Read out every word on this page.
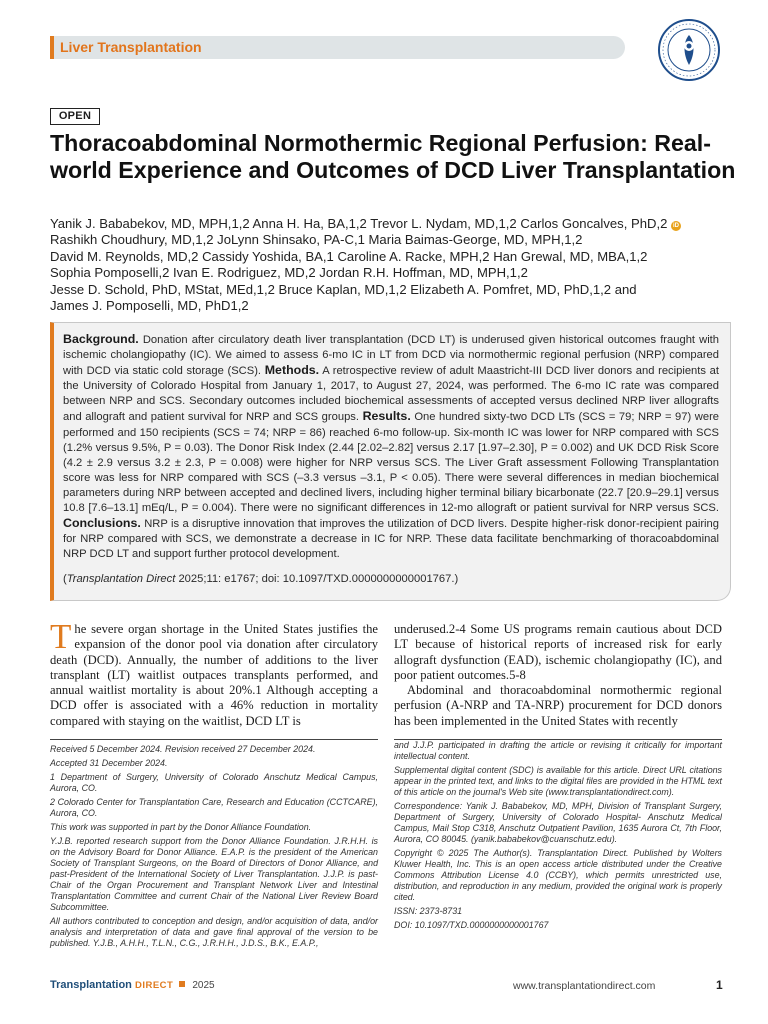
Liver Transplantation
OPEN
Thoracoabdominal Normothermic Regional Perfusion: Real-world Experience and Outcomes of DCD Liver Transplantation
Yanik J. Bababekov, MD, MPH,1,2 Anna H. Ha, BA,1,2 Trevor L. Nydam, MD,1,2 Carlos Goncalves, PhD,2 iD
Rashikh Choudhury, MD,1,2 JoLynn Shinsako, PA-C,1 Maria Baimas-George, MD, MPH,1,2
David M. Reynolds, MD,2 Cassidy Yoshida, BA,1 Caroline A. Racke, MPH,2 Han Grewal, MD, MBA,1,2
Sophia Pomposelli,2 Ivan E. Rodriguez, MD,2 Jordan R.H. Hoffman, MD, MPH,1,2
Jesse D. Schold, PhD, MStat, MEd,1,2 Bruce Kaplan, MD,1,2 Elizabeth A. Pomfret, MD, PhD,1,2 and
James J. Pomposelli, MD, PhD1,2

Background. Donation after circulatory death liver transplantation (DCD LT) is underused given historical outcomes fraught with ischemic cholangiopathy (IC). We aimed to assess 6-mo IC in LT from DCD via normothermic regional perfusion (NRP) compared with DCD via static cold storage (SCS). Methods. A retrospective review of adult Maastricht-III DCD liver donors and recipients at the University of Colorado Hospital from January 1, 2017, to August 27, 2024, was performed. The 6-mo IC rate was compared between NRP and SCS. Secondary outcomes included biochemical assessments of accepted versus declined NRP liver allografts and allograft and patient survival for NRP and SCS groups. Results. One hundred sixty-two DCD LTs (SCS = 79; NRP = 97) were performed and 150 recipients (SCS = 74; NRP = 86) reached 6-mo follow-up. Six-month IC was lower for NRP compared with SCS (1.2% versus 9.5%, P = 0.03). The Donor Risk Index (2.44 [2.02–2.82] versus 2.17 [1.97–2.30], P = 0.002) and UK DCD Risk Score (4.2 ± 2.9 versus 3.2 ± 2.3, P = 0.008) were higher for NRP versus SCS. The Liver Graft assessment Following Transplantation score was less for NRP compared with SCS (–3.3 versus –3.1, P < 0.05). There were several differences in median biochemical parameters during NRP between accepted and declined livers, including higher terminal biliary bicarbonate (22.7 [20.9–29.1] versus 10.8 [7.6–13.1] mEq/L, P = 0.004). There were no significant differences in 12-mo allograft or patient survival for NRP versus SCS. Conclusions. NRP is a disruptive innovation that improves the utilization of DCD livers. Despite higher-risk donor-recipient pairing for NRP compared with SCS, we demonstrate a decrease in IC for NRP. These data facilitate benchmarking of thoracoabdominal NRP DCD LT and support further protocol development.

(Transplantation Direct 2025;11: e1767; doi: 10.1097/TXD.0000000000001767.)

The severe organ shortage in the United States justifies the expansion of the donor pool via donation after circulatory death (DCD). Annually, the number of additions to the liver transplant (LT) waitlist outpaces transplants performed, and annual waitlist mortality is about 20%.1 Although accepting a DCD offer is associated with a 46% reduction in mortality compared with staying on the waitlist, DCD LT is

underused.2-4 Some US programs remain cautious about DCD LT because of historical reports of increased risk for early allograft dysfunction (EAD), ischemic cholangiopathy (IC), and poor patient outcomes.5-8

Abdominal and thoracoabdominal normothermic regional perfusion (A-NRP and TA-NRP) procurement for DCD donors has been implemented in the United States with recently

Received 5 December 2024. Revision received 27 December 2024.

Accepted 31 December 2024.

1 Department of Surgery, University of Colorado Anschutz Medical Campus, Aurora, CO.

2 Colorado Center for Transplantation Care, Research and Education (CCTCARE), Aurora, CO.

This work was supported in part by the Donor Alliance Foundation.

Y.J.B. reported research support from the Donor Alliance Foundation. J.R.H.H. is on the Advisory Board for Donor Alliance. E.A.P. is the president of the American Society of Transplant Surgeons, on the Board of Directors of Donor Alliance, and past-President of the International Society of Liver Transplantation. J.J.P. is past-Chair of the Organ Procurement and Transplant Network Liver and Intestinal Transplantation Committee and current Chair of the National Liver Review Board Subcommittee.

All authors contributed to conception and design, and/or acquisition of data, and/or analysis and interpretation of data and gave final approval of the version to be published. Y.J.B., A.H.H., T.L.N., C.G., J.R.H.H., J.D.S., B.K., E.A.P.,

and J.J.P. participated in drafting the article or revising it critically for important intellectual content.

Supplemental digital content (SDC) is available for this article. Direct URL citations appear in the printed text, and links to the digital files are provided in the HTML text of this article on the journal's Web site (www.transplantationdirect.com).

Correspondence: Yanik J. Bababekov, MD, MPH, Division of Transplant Surgery, Department of Surgery, University of Colorado Hospital- Anschutz Medical Campus, Mail Stop C318, Anschutz Outpatient Pavilion, 1635 Aurora Ct, 7th Floor, Aurora, CO 80045. (yanik.bababekov@cuanschutz.edu).

Copyright © 2025 The Author(s). Transplantation Direct. Published by Wolters Kluwer Health, Inc. This is an open access article distributed under the Creative Commons Attribution License 4.0 (CCBY), which permits unrestricted use, distribution, and reproduction in any medium, provided the original work is properly cited.

ISSN: 2373-8731

DOI: 10.1097/TXD.0000000000001767

Transplantation DIRECT 2025	www.transplantationdirect.com	1
